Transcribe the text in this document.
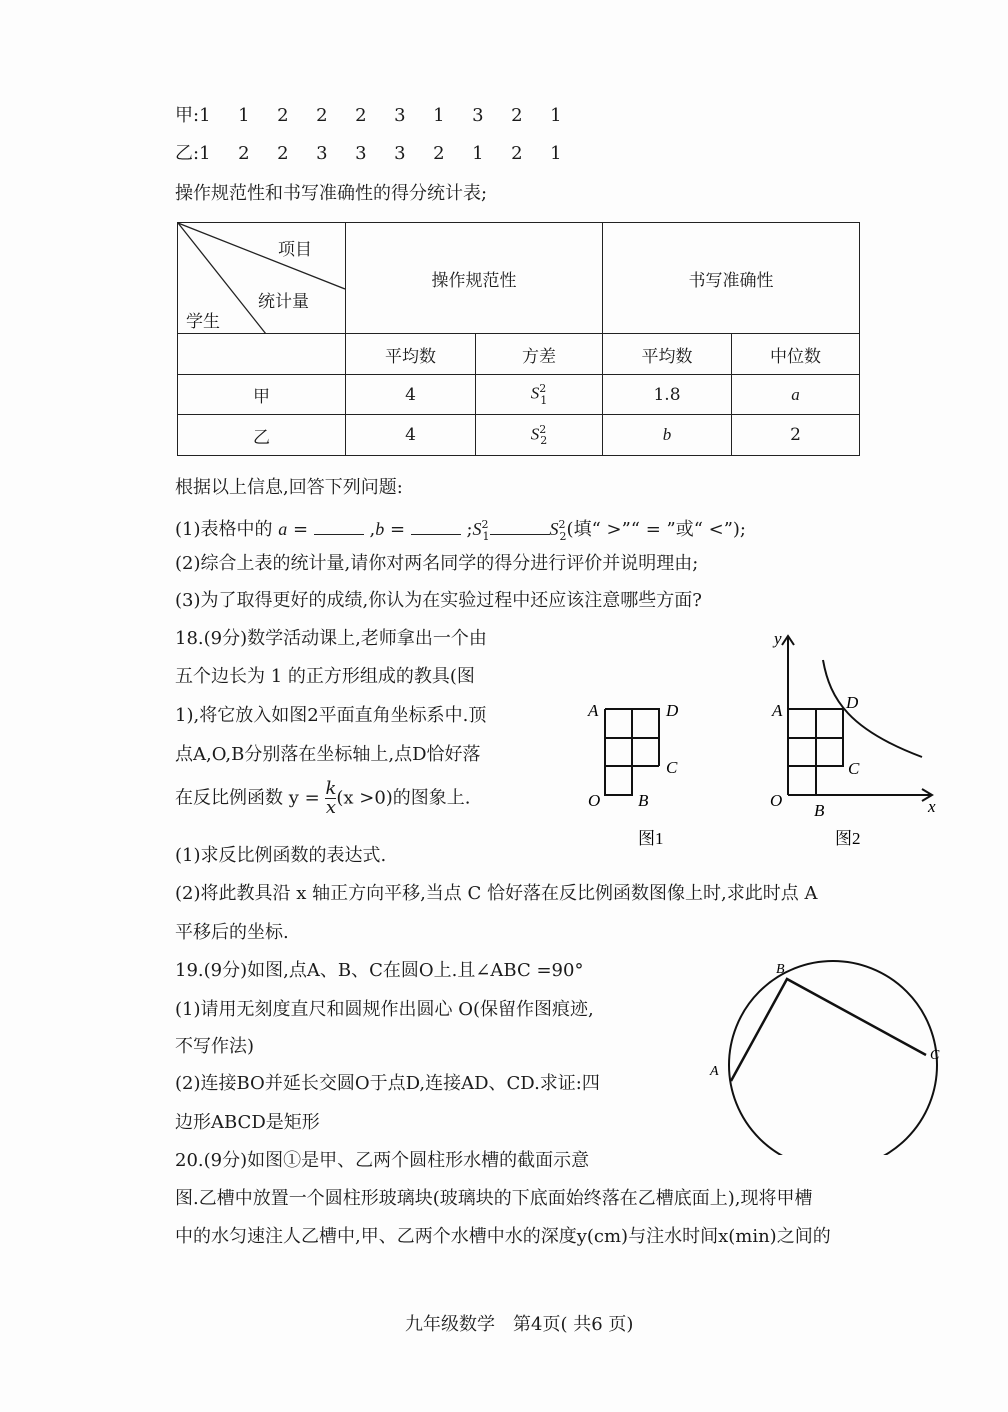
甲:1 1 2 2 2 3 1 3 2 1
乙:1 2 2 3 3 3 2 1 2 1
操作规范性和书写准确性的得分统计表;
项目
统计量
学生	操作规范性		书写准确性	
	平均数	方差	平均数	中位数
甲	4	$S^2_1$	1.8	a
乙	4	$S^2_2$	b	2
根据以上信息,回答下列问题:
(1)表格中的 a =	,b =	$;S^2_1$	$S^2_2$(填“ >”“ = ”或“ <”);
(2)综合上表的统计量,请你对两名同学的得分进行评价并说明理由;
(3)为了取得更好的成绩,你认为在实验过程中还应该注意哪些方面?
18.(9分)数学活动课上,老师拿出一个由
五个边长为 1 的正方形组成的教具(图
1),将它放入如图2平面直角坐标系中.顶
点A,O,B分别落在坐标轴上,点D恰好落
在反比例函数 $y = \frac{k}{x} (x >0)$的图象上.
(1)求反比例函数的表达式.
(2)将此教具沿 x 轴正方向平移,当点 C 恰好落在反比例函数图像上时,求此时点 A
平移后的坐标.
A	D
C
O B
A	D
C
O
B	x
y
图1	图2
19.(9分)如图,点A、B、C在圆O上.且∠ABC =90°
(1)请用无刻度直尺和圆规作出圆心 O(保留作图痕迹,
不写作法)
(2)连接BO并延长交圆O于点D,连接AD、CD.求证:四
边形ABCD是矩形
B
A
C
20.(9分)如图①是甲、乙两个圆柱形水槽的截面示意
图.乙槽中放置一个圆柱形玻璃块(玻璃块的下底面始终落在乙槽底面上),现将甲槽
中的水匀速注人乙槽中,甲、乙两个水槽中水的深度y(cm)与注水时间x(min)之间的
九年级数学　第4页( 共6 页)
